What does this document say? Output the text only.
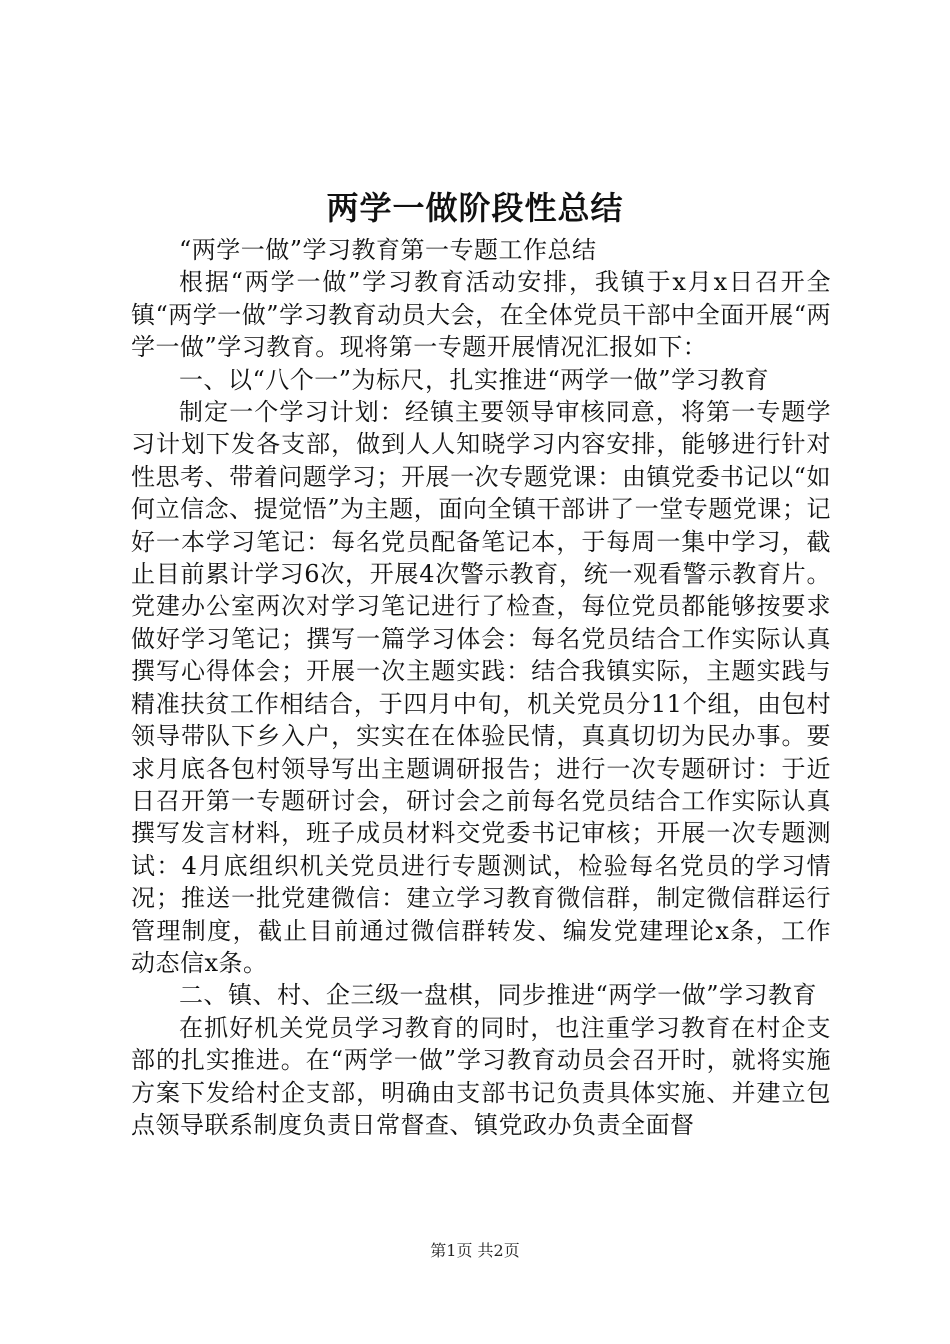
两学一做阶段性总结

“两学一做”学习教育第一专题工作总结

根据“两学一做”学习教育活动安排，我镇于x月x日召开全镇“两学一做”学习教育动员大会，在全体党员干部中全面开展“两学一做”学习教育。现将第一专题开展情况汇报如下：

一、以“八个一”为标尺，扎实推进“两学一做”学习教育

制定一个学习计划：经镇主要领导审核同意，将第一专题学习计划下发各支部，做到人人知晓学习内容安排，能够进行针对性思考、带着问题学习；开展一次专题党课：由镇党委书记以“如何立信念、提觉悟”为主题，面向全镇干部讲了一堂专题党课；记好一本学习笔记：每名党员配备笔记本，于每周一集中学习，截止目前累计学习6次，开展4次警示教育，统一观看警示教育片。党建办公室两次对学习笔记进行了检查，每位党员都能够按要求做好学习笔记；撰写一篇学习体会：每名党员结合工作实际认真撰写心得体会；开展一次主题实践：结合我镇实际，主题实践与精准扶贫工作相结合，于四月中旬，机关党员分11个组，由包村领导带队下乡入户，实实在在体验民情，真真切切为民办事。要求月底各包村领导写出主题调研报告；进行一次专题研讨：于近日召开第一专题研讨会，研讨会之前每名党员结合工作实际认真撰写发言材料，班子成员材料交党委书记审核；开展一次专题测试：4月底组织机关党员进行专题测试，检验每名党员的学习情况；推送一批党建微信：建立学习教育微信群，制定微信群运行管理制度，截止目前通过微信群转发、编发党建理论x条，工作动态信x条。

二、镇、村、企三级一盘棋，同步推进“两学一做”学习教育

在抓好机关党员学习教育的同时，也注重学习教育在村企支部的扎实推进。在“两学一做”学习教育动员会召开时，就将实施方案下发给村企支部，明确由支部书记负责具体实施、并建立包点领导联系制度负责日常督查、镇党政办负责全面督

第1页 共2页
